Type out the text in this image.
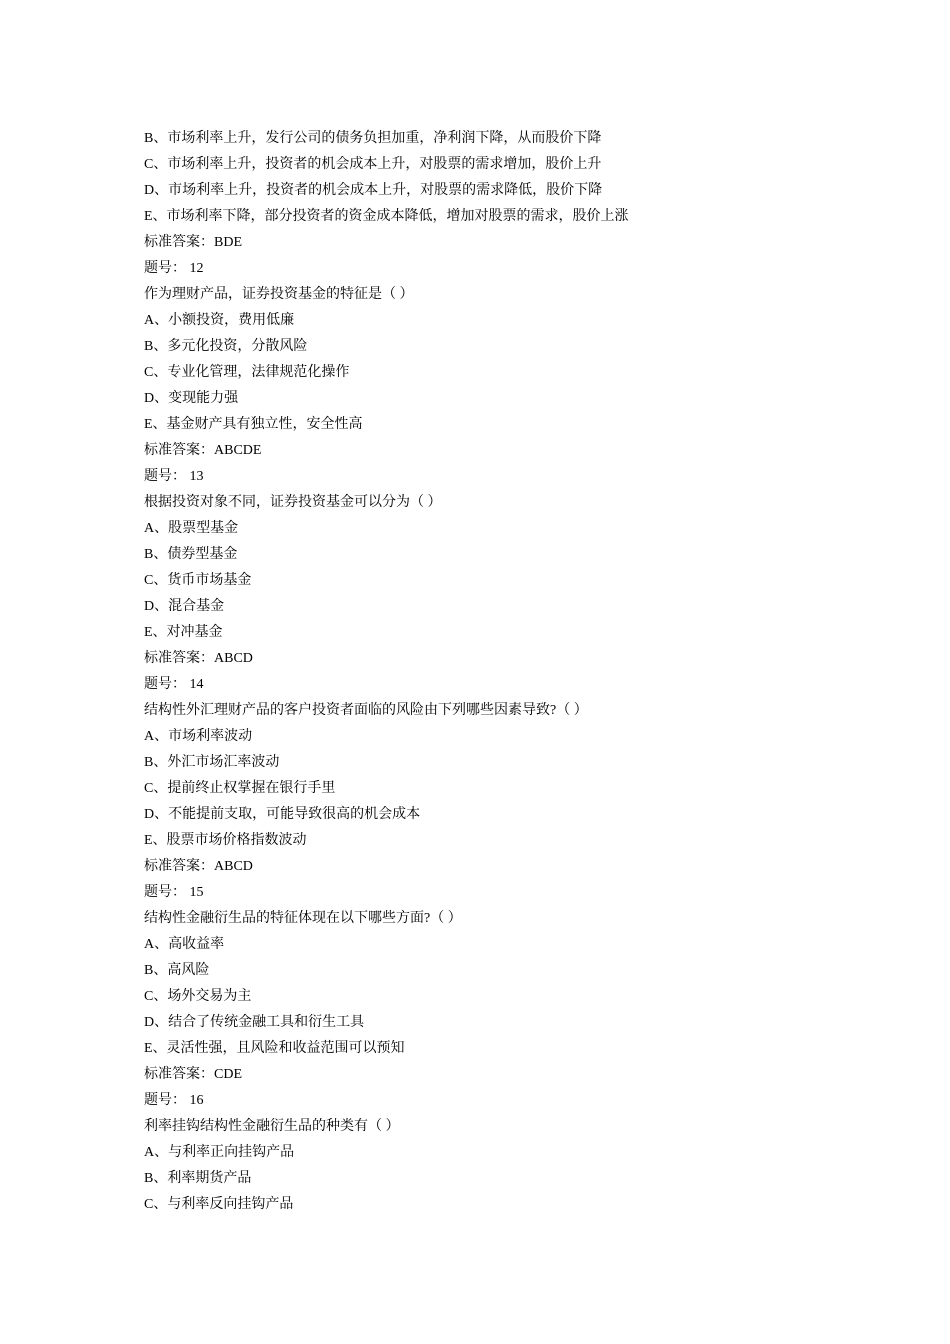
B、市场利率上升，发行公司的债务负担加重，净利润下降，从而股价下降
C、市场利率上升，投资者的机会成本上升，对股票的需求增加，股价上升
D、市场利率上升，投资者的机会成本上升，对股票的需求降低，股价下降
E、市场利率下降，部分投资者的资金成本降低，增加对股票的需求，股价上涨
标准答案：BDE
题号： 12
作为理财产品，证券投资基金的特征是（ ）
A、小额投资，费用低廉
B、多元化投资，分散风险
C、专业化管理，法律规范化操作
D、变现能力强
E、基金财产具有独立性，安全性高
标准答案：ABCDE
题号： 13
根据投资对象不同，证券投资基金可以分为（ ）
A、股票型基金
B、债券型基金
C、货币市场基金
D、混合基金
E、对冲基金
标准答案：ABCD
题号： 14
结构性外汇理财产品的客户投资者面临的风险由下列哪些因素导致?（ ）
A、市场利率波动
B、外汇市场汇率波动
C、提前终止权掌握在银行手里
D、不能提前支取，可能导致很高的机会成本
E、股票市场价格指数波动
标准答案：ABCD
题号： 15
结构性金融衍生品的特征体现在以下哪些方面?（ ）
A、高收益率
B、高风险
C、场外交易为主
D、结合了传统金融工具和衍生工具
E、灵活性强，且风险和收益范围可以预知
标准答案：CDE
题号： 16
利率挂钩结构性金融衍生品的种类有（ ）
A、与利率正向挂钩产品
B、利率期货产品
C、与利率反向挂钩产品
